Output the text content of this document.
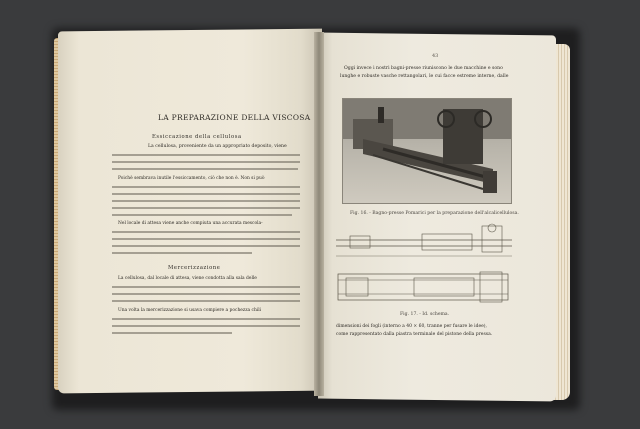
LA PREPARAZIONE DELLA VISCOSA
Essiccazione della cellulosa
La cellulosa, proveniente da un appropriato deposito, viene
Poichè sembrava inutile l'essiccamento, ciò che non è. Non si può
Nel locale di attesa viene anche compiuta una accurata mescola-
Mercerizzazione
La cellulosa, dal locale di attesa, viene condotta alla sala delle
Una volta la mercerizzazione si usava compiere a pochezza chili
43
Oggi invece i nostri bagni-presse riuniscono le due macchine e sono
lunghe e robuste vasche rettangolari, le cui facce estreme interne, dalle
Fig. 16. - Bagno-presse Pomarici per la preparazione dell'alcalicellulosa.
Fig. 17. - Id. schema.
dimensioni dei fogli (interno a 40 × 60, tranne per fusare le idee),
come rappresentato dalla piastra terminale del pistone della pressa.
